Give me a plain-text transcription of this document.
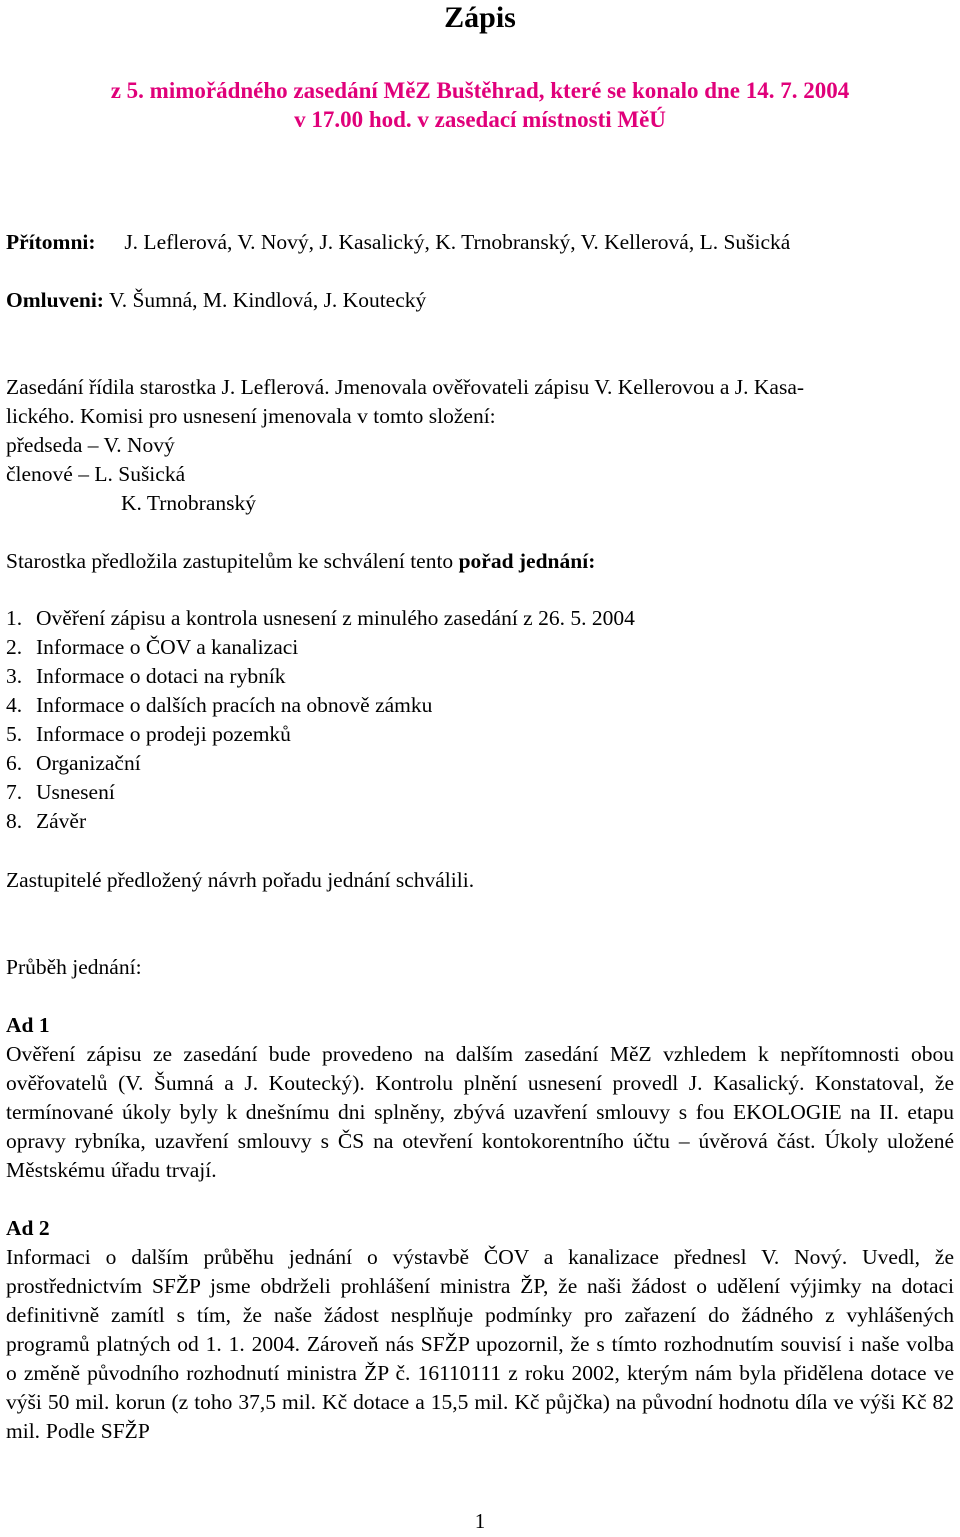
Zápis
z 5. mimořádného zasedání MěZ Buštěhrad, které se konalo dne 14. 7. 2004
v 17.00 hod. v zasedací místnosti MěÚ
Přítomni: J. Leflerová, V. Nový, J. Kasalický, K. Trnobranský, V. Kellerová, L. Sušická
Omluveni: V. Šumná, M. Kindlová, J. Koutecký
Zasedání řídila starostka J. Leflerová. Jmenovala ověřovateli zápisu V. Kellerovou a J. Kasa-
lického. Komisi pro usnesení jmenovala v tomto složení:
předseda – V. Nový
členové – L. Sušická
K. Trnobranský
Starostka předložila zastupitelům ke schválení tento pořad jednání:
1. Ověření zápisu a kontrola usnesení z minulého zasedání z 26. 5. 2004
2. Informace o ČOV a kanalizaci
3. Informace o dotaci na rybník
4. Informace o dalších pracích na obnově zámku
5. Informace o prodeji pozemků
6. Organizační
7. Usnesení
8. Závěr
Zastupitelé předložený návrh pořadu jednání schválili.
Průběh jednání:
Ad 1
Ověření zápisu ze zasedání bude provedeno na dalším zasedání MěZ vzhledem k nepřítomnosti obou ověřovatelů (V. Šumná a J. Koutecký). Kontrolu plnění usnesení provedl J. Kasalický. Konstatoval, že termínované úkoly byly k dnešnímu dni splněny, zbývá uzavření smlouvy s fou EKOLOGIE na II. etapu opravy rybníka, uzavření smlouvy s ČS na otevření kontokorentního účtu – úvěrová část. Úkoly uložené Městskému úřadu trvají.
Ad 2
Informaci o dalším průběhu jednání o výstavbě ČOV a kanalizace přednesl V. Nový. Uvedl, že prostřednictvím SFŽP jsme obdrželi prohlášení ministra ŽP, že naši žádost o udělení výjimky na dotaci definitivně zamítl s tím, že naše žádost nesplňuje podmínky pro zařazení do žádného z vyhlášených programů platných od 1. 1. 2004. Zároveň nás SFŽP upozornil, že s tímto rozhodnutím souvisí i naše volba o změně původního rozhodnutí ministra ŽP č. 16110111 z roku 2002, kterým nám byla přidělena dotace ve výši 50 mil. korun (z toho 37,5 mil. Kč dotace a 15,5 mil. Kč půjčka) na původní hodnotu díla ve výši Kč 82 mil. Podle SFŽP
1
